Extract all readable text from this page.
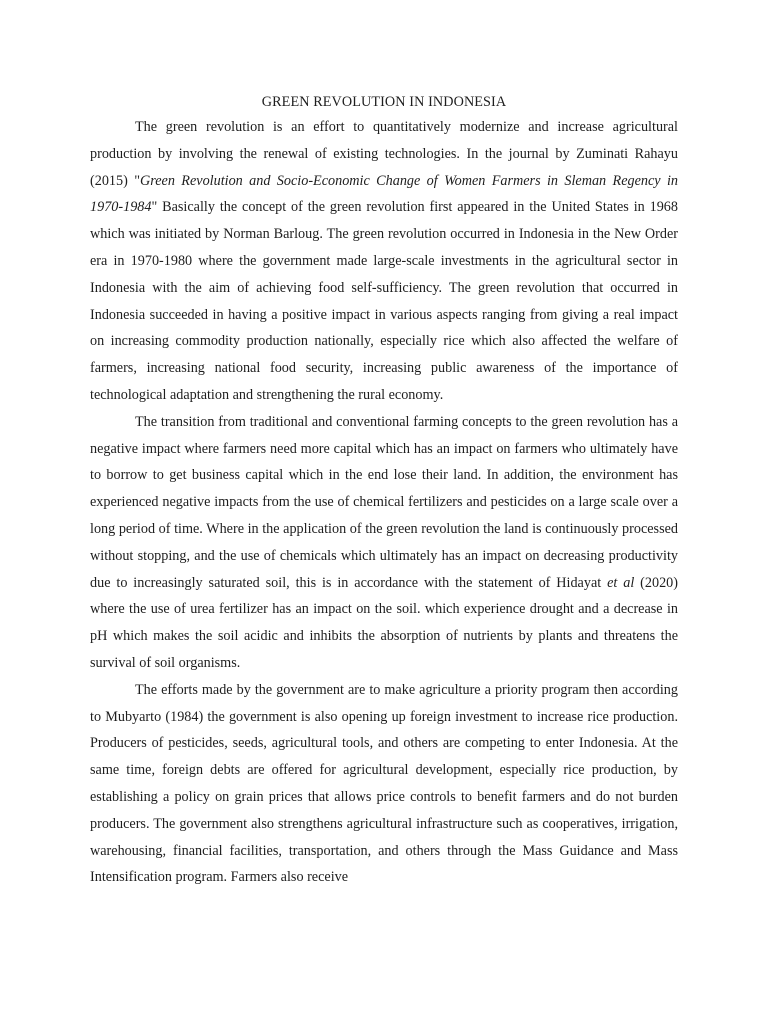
GREEN REVOLUTION IN INDONESIA

The green revolution is an effort to quantitatively modernize and increase agricultural production by involving the renewal of existing technologies. In the journal by Zuminati Rahayu (2015) "Green Revolution and Socio-Economic Change of Women Farmers in Sleman Regency in 1970-1984" Basically the concept of the green revolution first appeared in the United States in 1968 which was initiated by Norman Barloug. The green revolution occurred in Indonesia in the New Order era in 1970-1980 where the government made large-scale investments in the agricultural sector in Indonesia with the aim of achieving food self-sufficiency. The green revolution that occurred in Indonesia succeeded in having a positive impact in various aspects ranging from giving a real impact on increasing commodity production nationally, especially rice which also affected the welfare of farmers, increasing national food security, increasing public awareness of the importance of technological adaptation and strengthening the rural economy.

The transition from traditional and conventional farming concepts to the green revolution has a negative impact where farmers need more capital which has an impact on farmers who ultimately have to borrow to get business capital which in the end lose their land. In addition, the environment has experienced negative impacts from the use of chemical fertilizers and pesticides on a large scale over a long period of time. Where in the application of the green revolution the land is continuously processed without stopping, and the use of chemicals which ultimately has an impact on decreasing productivity due to increasingly saturated soil, this is in accordance with the statement of Hidayat et al (2020) where the use of urea fertilizer has an impact on the soil. which experience drought and a decrease in pH which makes the soil acidic and inhibits the absorption of nutrients by plants and threatens the survival of soil organisms.

The efforts made by the government are to make agriculture a priority program then according to Mubyarto (1984) the government is also opening up foreign investment to increase rice production. Producers of pesticides, seeds, agricultural tools, and others are competing to enter Indonesia. At the same time, foreign debts are offered for agricultural development, especially rice production, by establishing a policy on grain prices that allows price controls to benefit farmers and do not burden producers. The government also strengthens agricultural infrastructure such as cooperatives, irrigation, warehousing, financial facilities, transportation, and others through the Mass Guidance and Mass Intensification program. Farmers also receive
